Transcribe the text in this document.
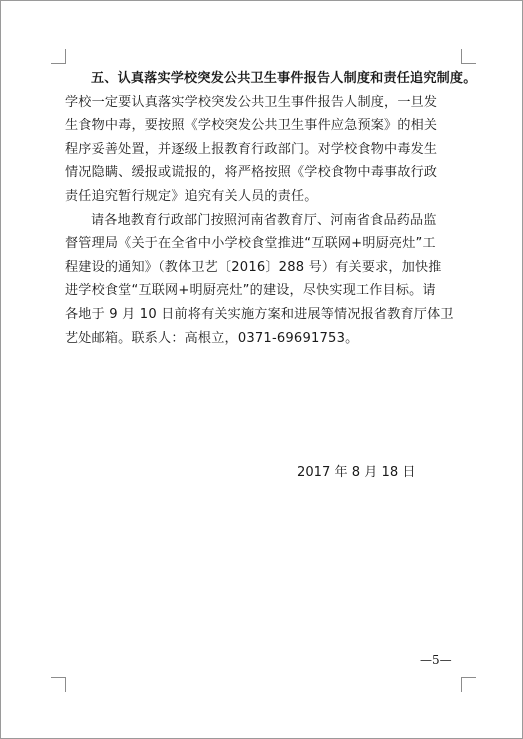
五、认真落实学校突发公共卫生事件报告人制度和责任追究制度。

学校一定要认真落实学校突发公共卫生事件报告人制度，一旦发
生食物中毒，要按照《学校突发公共卫生事件应急预案》的相关
程序妥善处置，并逐级上报教育行政部门。对学校食物中毒发生
情况隐瞒、缓报或谎报的，将严格按照《学校食物中毒事故行政
责任追究暂行规定》追究有关人员的责任。

请各地教育行政部门按照河南省教育厅、河南省食品药品监
督管理局《关于在全省中小学校食堂推进“互联网+明厨亮灶”工
程建设的通知》（教体卫艺〔2016〕288 号）有关要求，加快推
进学校食堂“互联网+明厨亮灶”的建设，尽快实现工作目标。请
各地于 9 月 10 日前将有关实施方案和进展等情况报省教育厅体卫
艺处邮箱。联系人：高根立，0371-69691753。

2017 年 8 月 18 日
—5—
